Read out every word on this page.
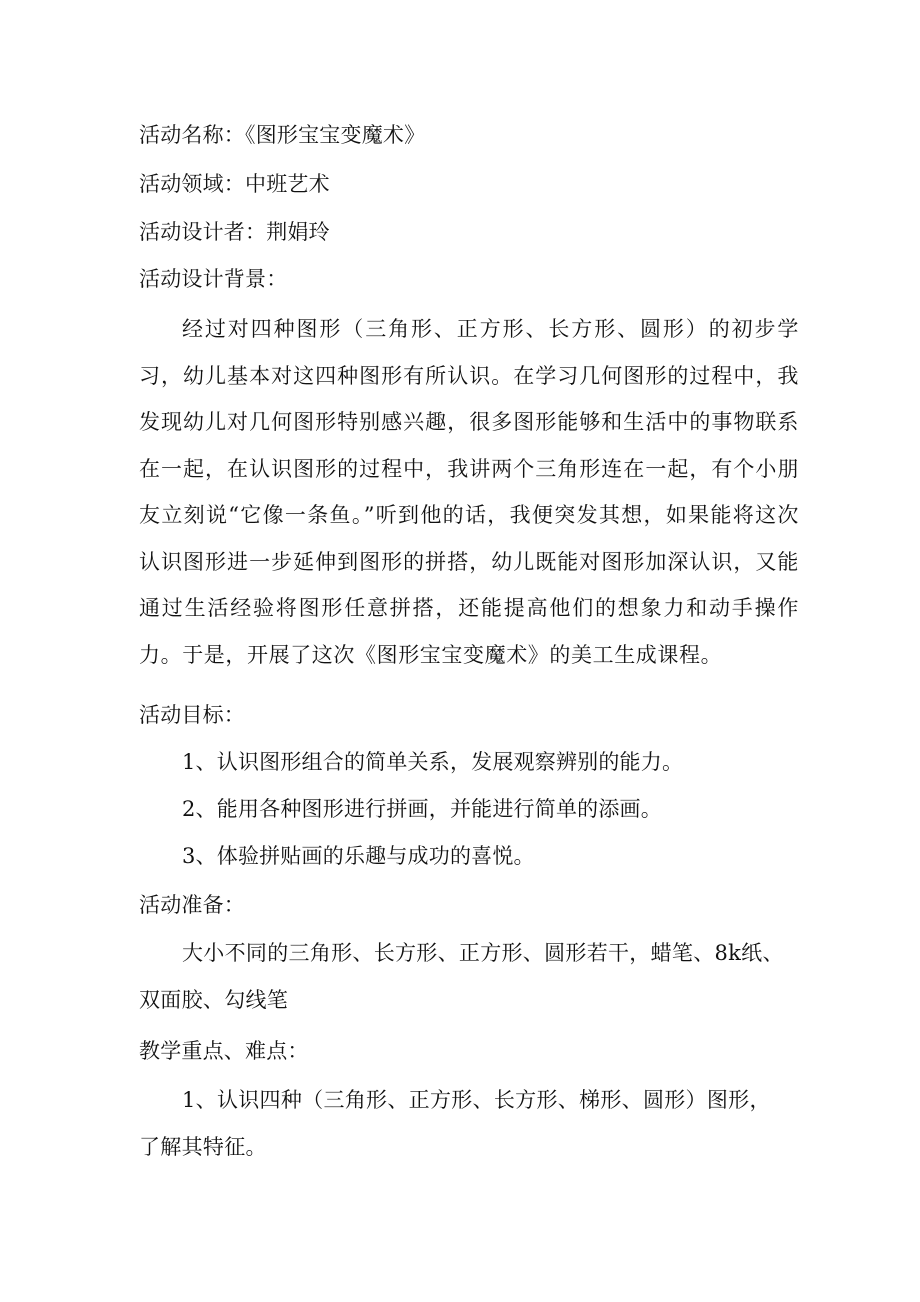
活动名称：《图形宝宝变魔术》
活动领域：中班艺术
活动设计者：荆娟玲
活动设计背景：
经过对四种图形（三角形、正方形、长方形、圆形）的初步学习，幼儿基本对这四种图形有所认识。在学习几何图形的过程中，我发现幼儿对几何图形特别感兴趣，很多图形能够和生活中的事物联系在一起，在认识图形的过程中，我讲两个三角形连在一起，有个小朋友立刻说“它像一条鱼。”听到他的话，我便突发其想，如果能将这次认识图形进一步延伸到图形的拼搭，幼儿既能对图形加深认识，又能通过生活经验将图形任意拼搭，还能提高他们的想象力和动手操作力。于是，开展了这次《图形宝宝变魔术》的美工生成课程。
活动目标：
1、认识图形组合的简单关系，发展观察辨别的能力。
2、能用各种图形进行拼画，并能进行简单的添画。
3、体验拼贴画的乐趣与成功的喜悦。
活动准备：
大小不同的三角形、长方形、正方形、圆形若干，蜡笔、8k纸、双面胶、勾线笔
教学重点、难点：
1、认识四种（三角形、正方形、长方形、梯形、圆形）图形，了解其特征。
